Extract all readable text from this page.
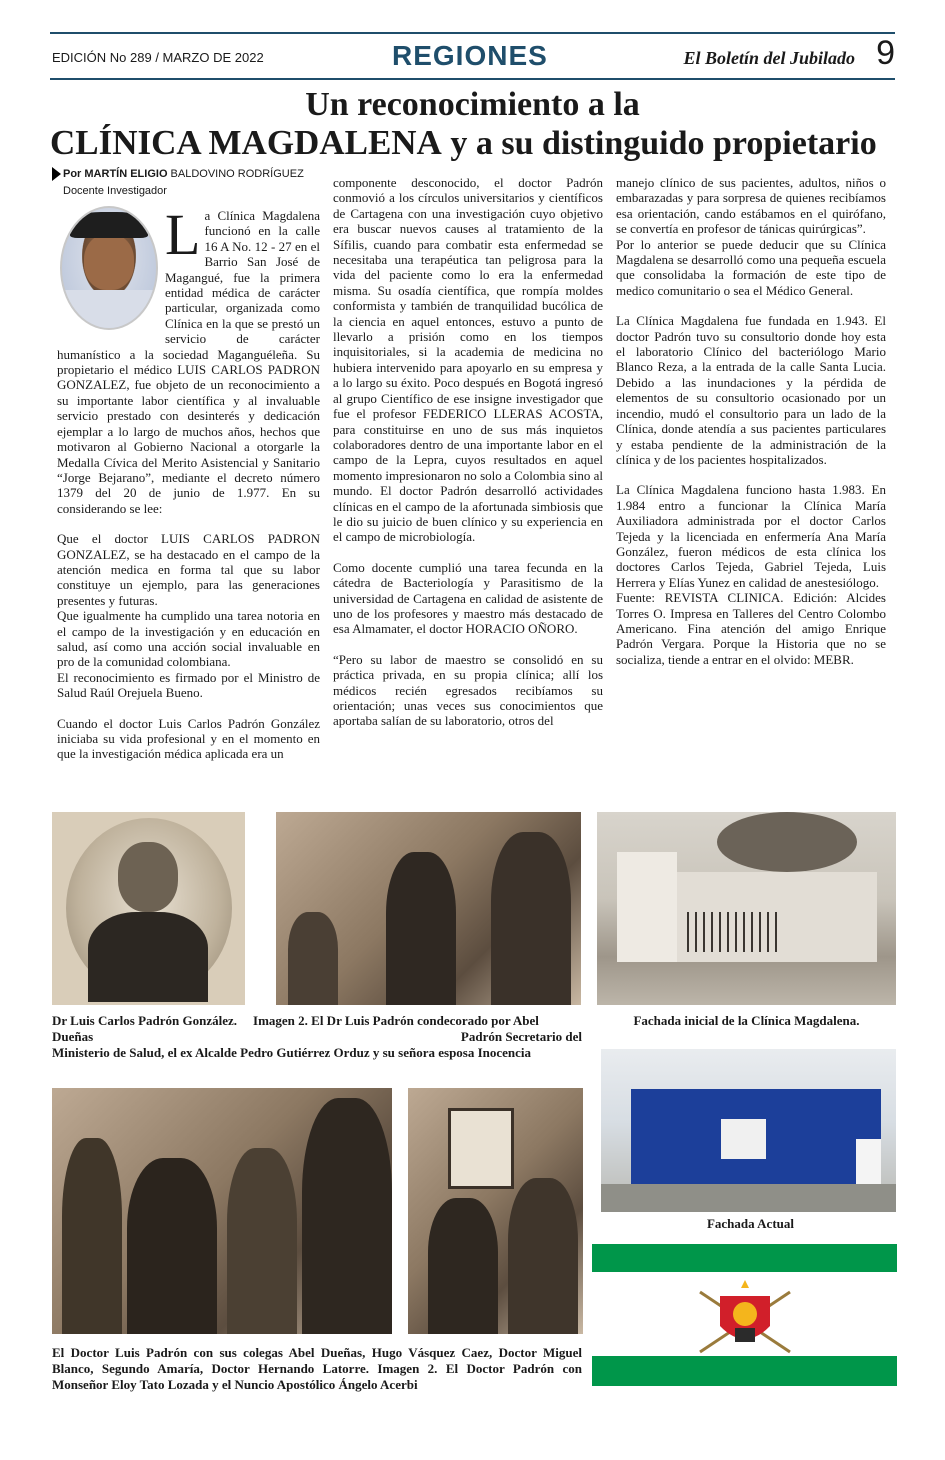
EDICIÓN No 289 / MARZO DE 2022	REGIONES	El Boletín del Jubilado 9
Un reconocimiento a la
CLÍNICA MAGDALENA y a su distinguido propietario
Por MARTÍN ELIGIO BALDOVINO RODRÍGUEZ
Docente Investigador

La Clínica Magdalena funcionó en la calle 16 A No. 12 - 27 en el Barrio San José de Magangué, fue la primera entidad médica de carácter particular, organizada como Clínica en la que se prestó un servicio de carácter humanístico a la sociedad Maganguéleña. Su propietario el médico LUIS CARLOS PADRON GONZALEZ, fue objeto de un reconocimiento a su importante labor científica y al invaluable servicio prestado con desinterés y dedicación ejemplar a lo largo de muchos años, hechos que motivaron al Gobierno Nacional a otorgarle la Medalla Cívica del Merito Asistencial y Sanitario “Jorge Bejarano”, mediante el decreto número 1379 del 20 de junio de 1.977. En su considerando se lee:

Que el doctor LUIS CARLOS PADRON GONZALEZ, se ha destacado en el campo de la atención medica en forma tal que su labor constituye un ejemplo, para las generaciones presentes y futuras.

Que igualmente ha cumplido una tarea notoria en el campo de la investigación y en educación en salud, así como una acción social invaluable en pro de la comunidad colombiana.

El reconocimiento es firmado por el Ministro de Salud Raúl Orejuela Bueno.

Cuando el doctor Luis Carlos Padrón González iniciaba su vida profesional y en el momento en que la investigación médica aplicada era un

componente desconocido, el doctor Padrón conmovió a los círculos universitarios y científicos de Cartagena con una investigación cuyo objetivo era buscar nuevos causes al tratamiento de la Sífilis, cuando para combatir esta enfermedad se necesitaba una terapéutica tan peligrosa para la vida del paciente como lo era la enfermedad misma. Su osadía científica, que rompía moldes conformista y también de tranquilidad bucólica de la ciencia en aquel entonces, estuvo a punto de llevarlo a prisión como en los tiempos inquisitoriales, si la academia de medicina no hubiera intervenido para apoyarlo en su empresa y a lo largo su éxito. Poco después en Bogotá ingresó al grupo Científico de ese insigne investigador que fue el profesor FEDERICO LLERAS ACOSTA, para constituirse en uno de sus más inquietos colaboradores dentro de una importante labor en el campo de la Lepra, cuyos resultados en aquel momento impresionaron no solo a Colombia sino al mundo. El doctor Padrón desarrolló actividades clínicas en el campo de la afortunada simbiosis que le dio su juicio de buen clínico y su experiencia en el campo de microbiología.

Como docente cumplió una tarea fecunda en la cátedra de Bacteriología y Parasitismo de la universidad de Cartagena en calidad de asistente de uno de los profesores y maestro más destacado de esa Almamater, el doctor HORACIO OÑORO.

“Pero su labor de maestro se consolidó en su práctica privada, en su propia clínica; allí los médicos recién egresados recibíamos su orientación; unas veces sus conocimientos que aportaba salían de su laboratorio, otros del

manejo clínico de sus pacientes, adultos, niños o embarazadas y para sorpresa de quienes recibíamos esa orientación, cando estábamos en el quirófano, se convertía en profesor de tánicas quirúrgicas”.

Por lo anterior se puede deducir que su Clínica Magdalena se desarrolló como una pequeña escuela que consolidaba la formación de este tipo de medico comunitario o sea el Médico General.

La Clínica Magdalena fue fundada en 1.943. El doctor Padrón tuvo su consultorio donde hoy esta el laboratorio Clínico del bacteriólogo Mario Blanco Reza, a la entrada de la calle Santa Lucia. Debido a las inundaciones y la pérdida de elementos de su consultorio ocasionado por un incendio, mudó el consultorio para un lado de la Clínica, donde atendía a sus pacientes particulares y estaba pendiente de la administración de la clínica y de los pacientes hospitalizados.

La Clínica Magdalena funciono hasta 1.983. En 1.984 entro a funcionar la Clínica María Auxiliadora administrada por el doctor Carlos Tejeda y la licenciada en enfermería Ana María González, fueron médicos de esta clínica los doctores Carlos Tejeda, Gabriel Tejeda, Luis Herrera y Elías Yunez en calidad de anestesiólogo.

Fuente: REVISTA CLINICA. Edición: Alcides Torres O. Impresa en Talleres del Centro Colombo Americano. Fina atención del amigo Enrique Padrón Vergara. Porque la Historia que no se socializa, tiende a entrar en el olvido: MEBR.

Dr Luis Carlos Padrón González. Imagen 2. El Dr Luis Padrón condecorado por Abel
Dueñas	Padrón Secretario del
Ministerio de Salud, el ex Alcalde Pedro Gutiérrez Orduz y su señora esposa Inocencia
Fachada inicial de la Clínica Magdalena.
Fachada Actual
El Doctor Luis Padrón con sus colegas Abel Dueñas, Hugo Vásquez Caez, Doctor Miguel Blanco, Segundo Amaría, Doctor Hernando Latorre. Imagen 2. El Doctor Padrón con Monseñor Eloy Tato Lozada y el Nuncio Apostólico Ángelo Acerbi
